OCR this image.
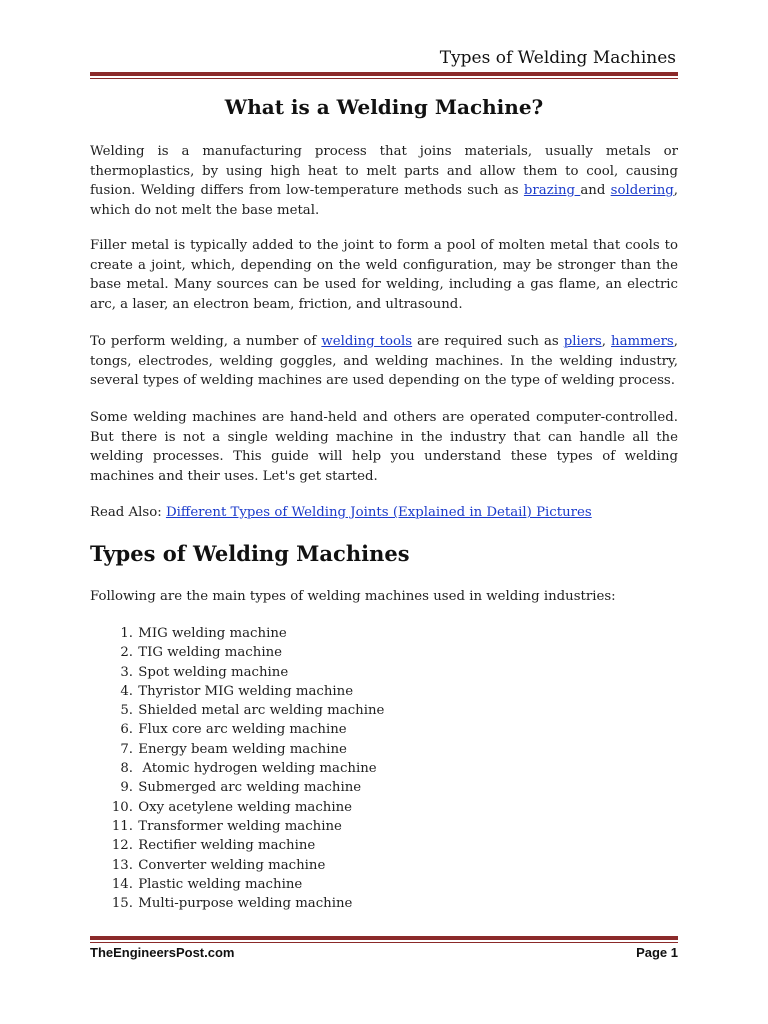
Types of Welding Machines
What is a Welding Machine?

Welding is a manufacturing process that joins materials, usually metals or thermoplastics, by using high heat to melt parts and allow them to cool, causing fusion. Welding differs from low-temperature methods such as brazing and soldering, which do not melt the base metal.

Filler metal is typically added to the joint to form a pool of molten metal that cools to create a joint, which, depending on the weld configuration, may be stronger than the base metal. Many sources can be used for welding, including a gas flame, an electric arc, a laser, an electron beam, friction, and ultrasound.

To perform welding, a number of welding tools are required such as pliers, hammers, tongs, electrodes, welding goggles, and welding machines. In the welding industry, several types of welding machines are used depending on the type of welding process.

Some welding machines are hand-held and others are operated computer-controlled. But there is not a single welding machine in the industry that can handle all the welding processes. This guide will help you understand these types of welding machines and their uses. Let's get started.

Read Also: Different Types of Welding Joints (Explained in Detail) Pictures

Types of Welding Machines

Following are the main types of welding machines used in welding industries:

1.
MIG welding machine
2.
TIG welding machine
3.
Spot welding machine
4.
Thyristor MIG welding machine
5.
Shielded metal arc welding machine
6.
Flux core arc welding machine
7.
Energy beam welding machine
8.
Atomic hydrogen welding machine
9.
Submerged arc welding machine
10.
Oxy acetylene welding machine
11.
Transformer welding machine
12.
Rectifier welding machine
13.
Converter welding machine
14.
Plastic welding machine
15.
Multi-purpose welding machine
TheEngineersPost.com	Page 1
